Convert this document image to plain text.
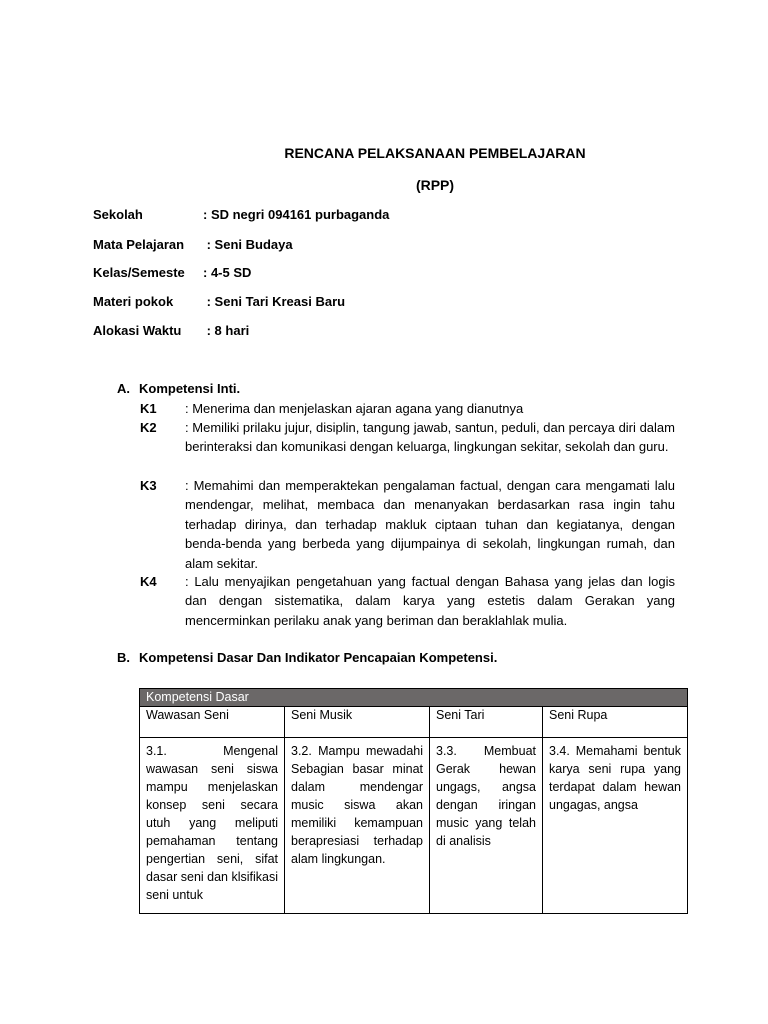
RENCANA PELAKSANAAN PEMBELAJARAN
(RPP)
Sekolah	: SD negri 094161 purbaganda
Mata Pelajaran : Seni Budaya
Kelas/Semeste : 4-5 SD
Materi pokok : Seni Tari Kreasi Baru
Alokasi Waktu : 8 hari
A. Kompetensi Inti.
K1 : Menerima dan menjelaskan ajaran agana yang dianutnya
K2 : Memiliki prilaku jujur, disiplin, tangung jawab, santun, peduli, dan percaya diri dalam berinteraksi dan komunikasi dengan keluarga, lingkungan sekitar, sekolah dan guru.
K3 : Memahimi dan memperaktekan pengalaman factual, dengan cara mengamati lalu mendengar, melihat, membaca dan menanyakan berdasarkan rasa ingin tahu terhadap dirinya, dan terhadap makluk ciptaan tuhan dan kegiatanya, dengan benda-benda yang berbeda yang dijumpainya di sekolah, lingkungan rumah, dan alam sekitar.
K4 : Lalu menyajikan pengetahuan yang factual dengan Bahasa yang jelas dan logis dan dengan sistematika, dalam karya yang estetis dalam Gerakan yang mencerminkan perilaku anak yang beriman dan beraklahlak mulia.
B. Kompetensi Dasar Dan Indikator Pencapaian Kompetensi.
Kompetensi Dasar			
Wawasan Seni	Seni Musik	Seni Tari	Seni Rupa
3.1. Mengenal wawasan seni siswa mampu menjelaskan konsep seni secara utuh yang meliputi pemahaman tentang pengertian seni, sifat dasar seni dan klsifikasi seni untuk	3.2. Mampu mewadahi Sebagian basar minat dalam mendengar music siswa akan memiliki kemampuan berapresiasi terhadap alam lingkungan.	3.3. Membuat Gerak hewan ungags, angsa dengan iringan music yang telah di analisis	3.4. Memahami bentuk karya seni rupa yang terdapat dalam hewan ungagas, angsa
